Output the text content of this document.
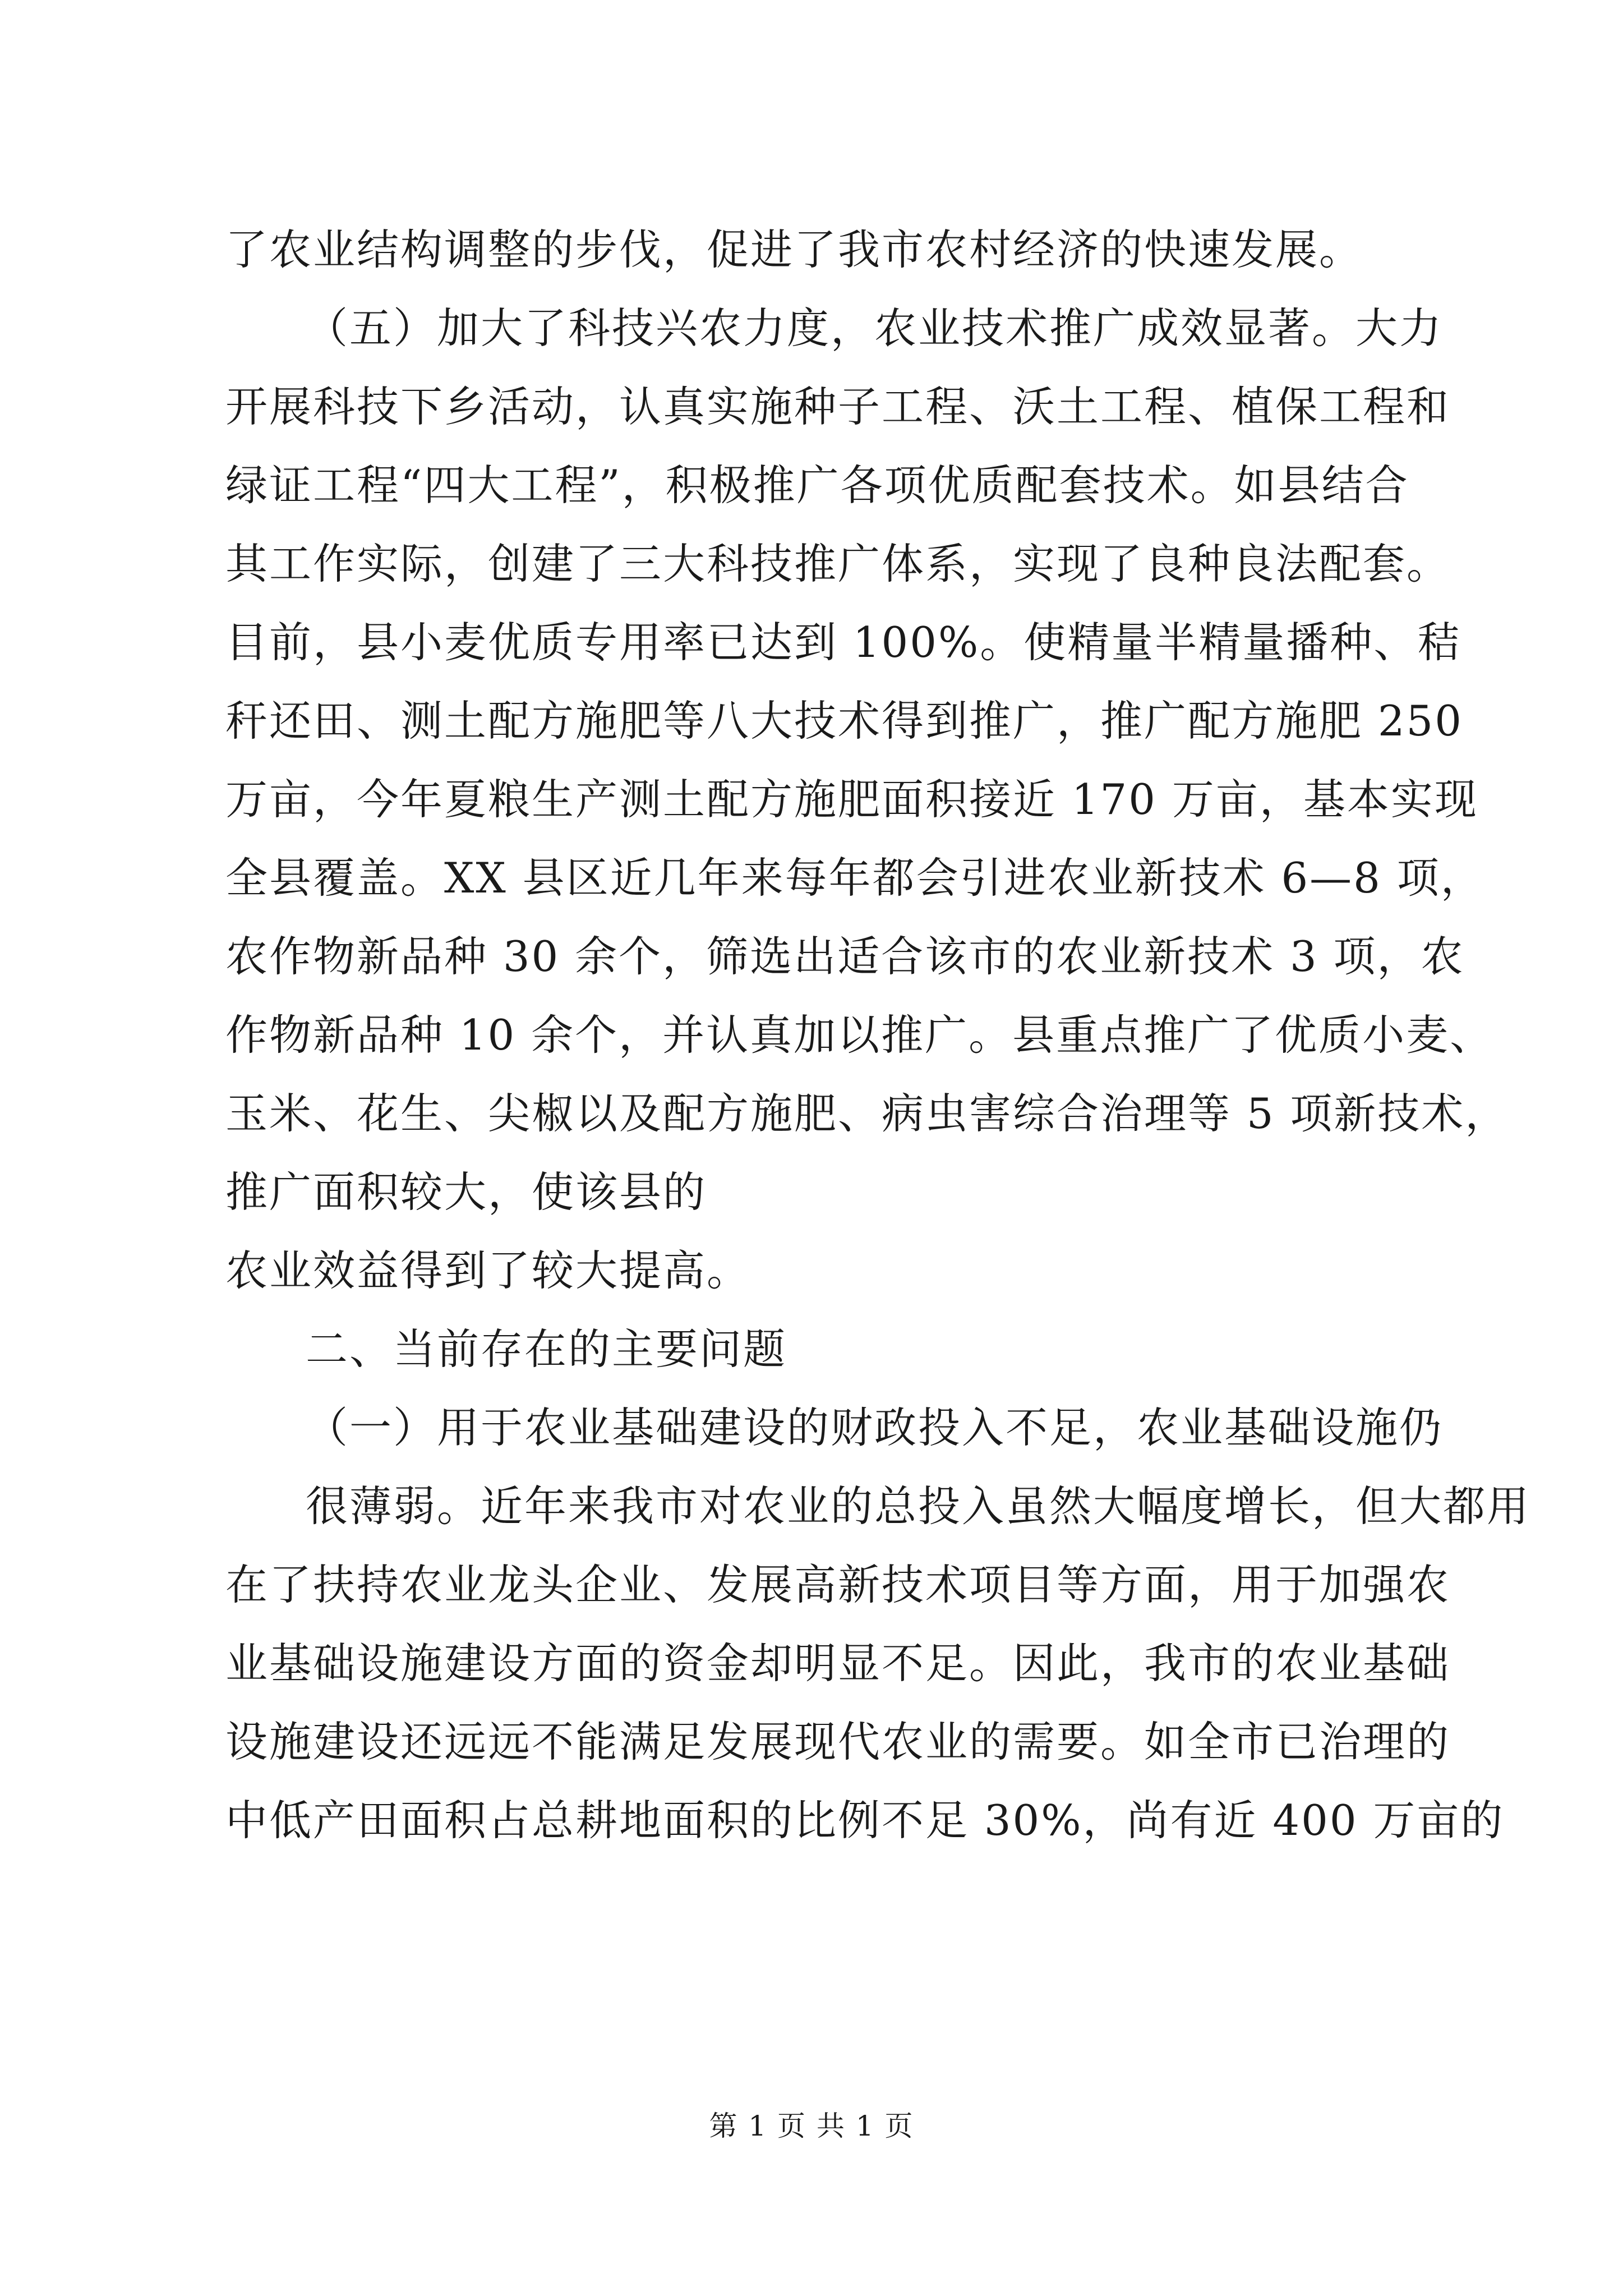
了农业结构调整的步伐，促进了我市农村经济的快速发展。
（五）加大了科技兴农力度，农业技术推广成效显著。大力
开展科技下乡活动，认真实施种子工程、沃土工程、植保工程和
绿证工程“四大工程”，积极推广各项优质配套技术。如县结合
其工作实际，创建了三大科技推广体系，实现了良种良法配套。
目前，县小麦优质专用率已达到 100%。使精量半精量播种、秸
秆还田、测土配方施肥等八大技术得到推广，推广配方施肥 250
万亩，今年夏粮生产测土配方施肥面积接近 170 万亩，基本实现
全县覆盖。XX 县区近几年来每年都会引进农业新技术 6—8 项，
农作物新品种 30 余个，筛选出适合该市的农业新技术 3 项，农
作物新品种 10 余个，并认真加以推广。县重点推广了优质小麦、
玉米、花生、尖椒以及配方施肥、病虫害综合治理等 5 项新技术，
推广面积较大，使该县的
农业效益得到了较大提高。
二、当前存在的主要问题
（一）用于农业基础建设的财政投入不足，农业基础设施仍
很薄弱。近年来我市对农业的总投入虽然大幅度增长，但大都用
在了扶持农业龙头企业、发展高新技术项目等方面，用于加强农
业基础设施建设方面的资金却明显不足。因此，我市的农业基础
设施建设还远远不能满足发展现代农业的需要。如全市已治理的
中低产田面积占总耕地面积的比例不足 30%，尚有近 400 万亩的
第 1 页 共 1 页
